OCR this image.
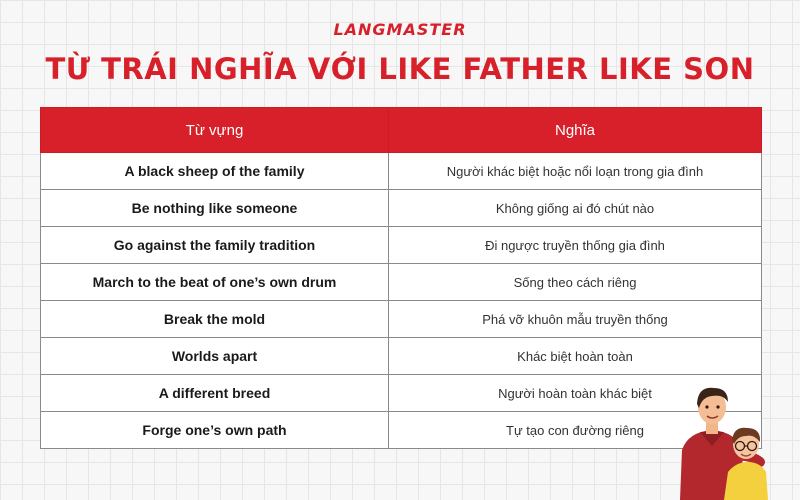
LANGMASTER
TỪ TRÁI NGHĨA VỚI LIKE FATHER LIKE SON
Từ vựng	Nghĩa
A black sheep of the family	Người khác biệt hoặc nổi loạn trong gia đình
Be nothing like someone	Không giống ai đó chút nào
Go against the family tradition	Đi ngược truyền thống gia đình
March to the beat of one’s own drum	Sống theo cách riêng
Break the mold	Phá vỡ khuôn mẫu truyền thống
Worlds apart	Khác biệt hoàn toàn
A different breed	Người hoàn toàn khác biệt
Forge one’s own path	Tự tạo con đường riêng
